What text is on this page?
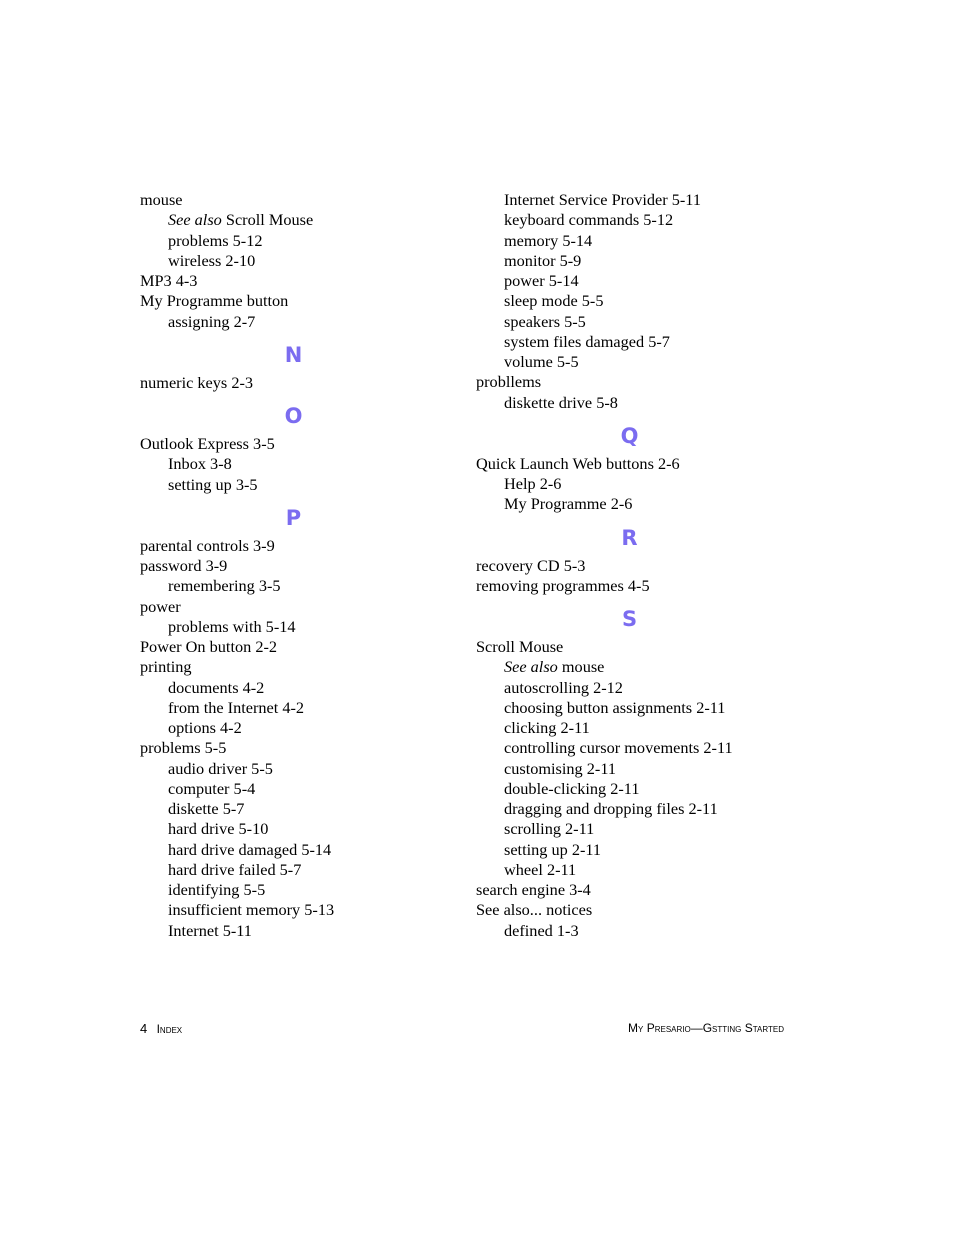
mouse
See also Scroll Mouse
problems 5-12
wireless 2-10
MP3 4-3
My Programme button
assigning 2-7
N
numeric keys 2-3
O
Outlook Express 3-5
Inbox 3-8
setting up 3-5
P
parental controls 3-9
password 3-9
remembering 3-5
power
problems with 5-14
Power On button 2-2
printing
documents 4-2
from the Internet 4-2
options 4-2
problems 5-5
audio driver 5-5
computer 5-4
diskette 5-7
hard drive 5-10
hard drive damaged 5-14
hard drive failed 5-7
identifying 5-5
insufficient memory 5-13
Internet 5-11
Internet Service Provider 5-11
keyboard commands 5-12
memory 5-14
monitor 5-9
power 5-14
sleep mode 5-5
speakers 5-5
system files damaged 5-7
volume 5-5
probllems
diskette drive 5-8
Q
Quick Launch Web buttons 2-6
Help 2-6
My Programme 2-6
R
recovery CD 5-3
removing programmes 4-5
S
Scroll Mouse
See also mouse
autoscrolling 2-12
choosing button assignments 2-11
clicking 2-11
controlling cursor movements 2-11
customising 2-11
double-clicking 2-11
dragging and dropping files 2-11
scrolling 2-11
setting up 2-11
wheel 2-11
search engine 3-4
See also... notices
defined 1-3
4 Index	My Presario—Gstting Started
